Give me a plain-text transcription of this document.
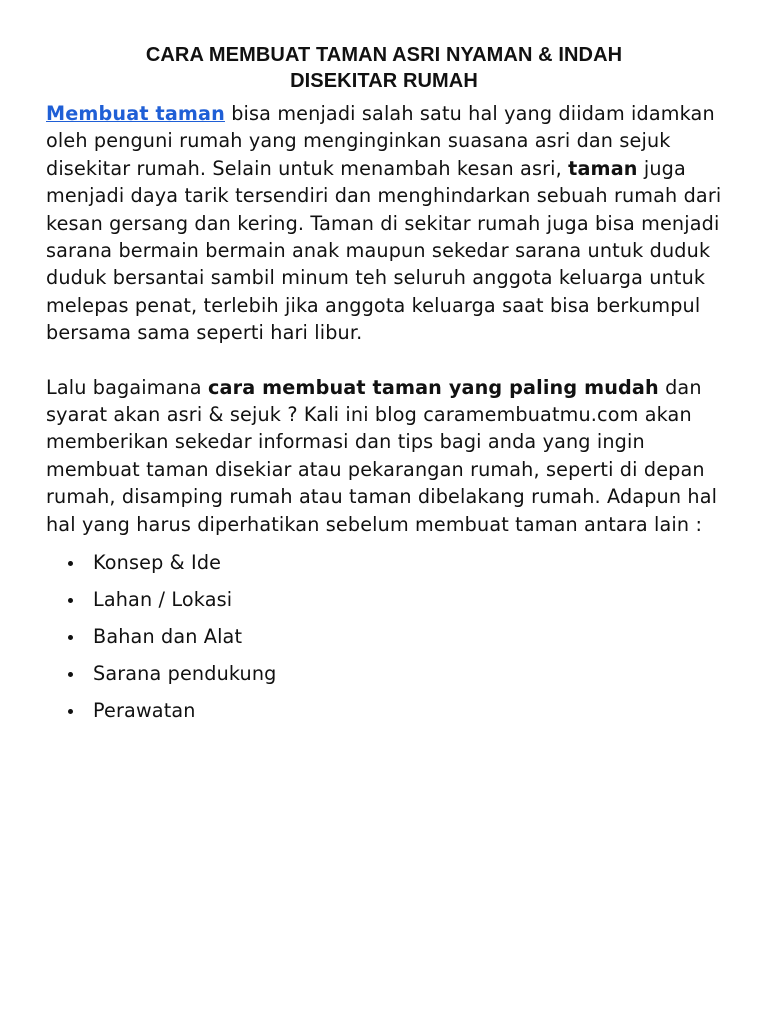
CARA MEMBUAT TAMAN ASRI NYAMAN & INDAH
DISEKITAR RUMAH

Membuat taman bisa menjadi salah satu hal yang diidam idamkan oleh penguni rumah yang menginginkan suasana asri dan sejuk disekitar rumah. Selain untuk menambah kesan asri, taman juga menjadi daya tarik tersendiri dan menghindarkan sebuah rumah dari kesan gersang dan kering. Taman di sekitar rumah juga bisa menjadi sarana bermain bermain anak maupun sekedar sarana untuk duduk duduk bersantai sambil minum teh seluruh anggota keluarga untuk melepas penat, terlebih jika anggota keluarga saat bisa berkumpul bersama sama seperti hari libur.

Lalu bagaimana cara membuat taman yang paling mudah dan syarat akan asri & sejuk ? Kali ini blog caramembuatmu.com akan memberikan sekedar informasi dan tips bagi anda yang ingin membuat taman disekiar atau pekarangan rumah, seperti di depan rumah, disamping rumah atau taman dibelakang rumah. Adapun hal hal yang harus diperhatikan sebelum membuat taman antara lain :

Konsep & Ide
Lahan / Lokasi
Bahan dan Alat
Sarana pendukung
Perawatan
